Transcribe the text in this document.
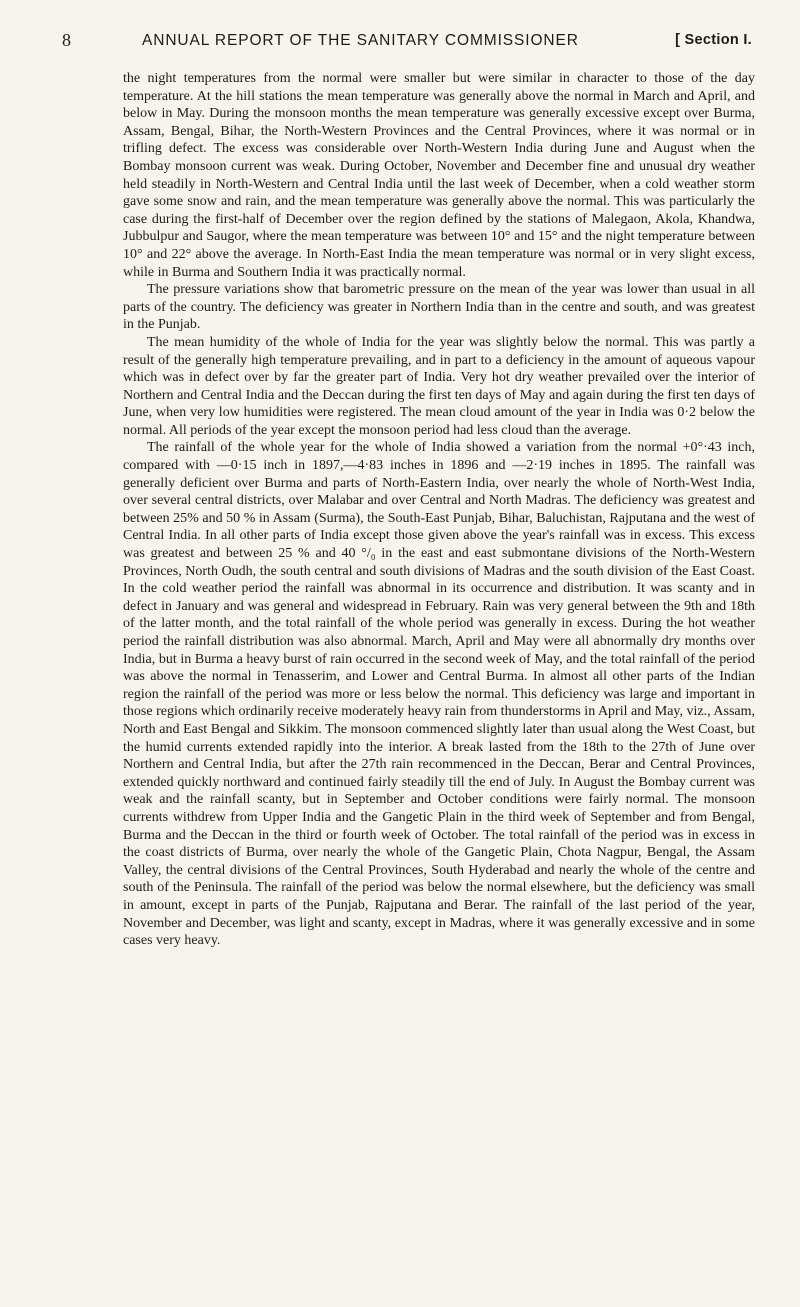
8	ANNUAL REPORT OF THE SANITARY COMMISSIONER	[ Section I.

the night temperatures from the normal were smaller but were similar in character to those of the day temperature. At the hill stations the mean temperature was generally above the normal in March and April, and below in May. During the monsoon months the mean temperature was generally excessive except over Burma, Assam, Bengal, Bihar, the North-Western Provinces and the Central Provinces, where it was normal or in trifling defect. The excess was considerable over North-Western India during June and August when the Bombay monsoon current was weak. During October, November and December fine and unusual dry weather held steadily in North-Western and Central India until the last week of December, when a cold weather storm gave some snow and rain, and the mean temperature was generally above the normal. This was particularly the case during the first-half of December over the region defined by the stations of Malegaon, Akola, Khandwa, Jubbulpur and Saugor, where the mean temperature was between 10° and 15° and the night temperature between 10° and 22° above the average. In North-East India the mean temperature was normal or in very slight excess, while in Burma and Southern India it was practically normal.

The pressure variations show that barometric pressure on the mean of the year was lower than usual in all parts of the country. The deficiency was greater in Northern India than in the centre and south, and was greatest in the Punjab.

The mean humidity of the whole of India for the year was slightly below the normal. This was partly a result of the generally high temperature prevailing, and in part to a deficiency in the amount of aqueous vapour which was in defect over by far the greater part of India. Very hot dry weather prevailed over the interior of Northern and Central India and the Deccan during the first ten days of May and again during the first ten days of June, when very low humidities were registered. The mean cloud amount of the year in India was 0·2 below the normal. All periods of the year except the monsoon period had less cloud than the average.

The rainfall of the whole year for the whole of India showed a variation from the normal +0°·43 inch, compared with —0·15 inch in 1897,—4·83 inches in 1896 and —2·19 inches in 1895. The rainfall was generally deficient over Burma and parts of North-Eastern India, over nearly the whole of North-West India, over several central districts, over Malabar and over Central and North Madras. The deficiency was greatest and between 25% and 50 % in Assam (Surma), the South-East Punjab, Bihar, Baluchistan, Rajputana and the west of Central India. In all other parts of India except those given above the year's rainfall was in excess. This excess was greatest and between 25 % and 40 °/₀ in the east and east submontane divisions of the North-Western Provinces, North Oudh, the south central and south divisions of Madras and the south division of the East Coast. In the cold weather period the rainfall was abnormal in its occurrence and distribution. It was scanty and in defect in January and was general and widespread in February. Rain was very general between the 9th and 18th of the latter month, and the total rainfall of the whole period was generally in excess. During the hot weather period the rainfall distribution was also abnormal. March, April and May were all abnormally dry months over India, but in Burma a heavy burst of rain occurred in the second week of May, and the total rainfall of the period was above the normal in Tenasserim, and Lower and Central Burma. In almost all other parts of the Indian region the rainfall of the period was more or less below the normal. This deficiency was large and important in those regions which ordinarily receive moderately heavy rain from thunderstorms in April and May, viz., Assam, North and East Bengal and Sikkim. The monsoon commenced slightly later than usual along the West Coast, but the humid currents extended rapidly into the interior. A break lasted from the 18th to the 27th of June over Northern and Central India, but after the 27th rain recommenced in the Deccan, Berar and Central Provinces, extended quickly northward and continued fairly steadily till the end of July. In August the Bombay current was weak and the rainfall scanty, but in September and October conditions were fairly normal. The monsoon currents withdrew from Upper India and the Gangetic Plain in the third week of September and from Bengal, Burma and the Deccan in the third or fourth week of October. The total rainfall of the period was in excess in the coast districts of Burma, over nearly the whole of the Gangetic Plain, Chota Nagpur, Bengal, the Assam Valley, the central divisions of the Central Provinces, South Hyderabad and nearly the whole of the centre and south of the Peninsula. The rainfall of the period was below the normal elsewhere, but the deficiency was small in amount, except in parts of the Punjab, Rajputana and Berar. The rainfall of the last period of the year, November and December, was light and scanty, except in Madras, where it was generally excessive and in some cases very heavy.
